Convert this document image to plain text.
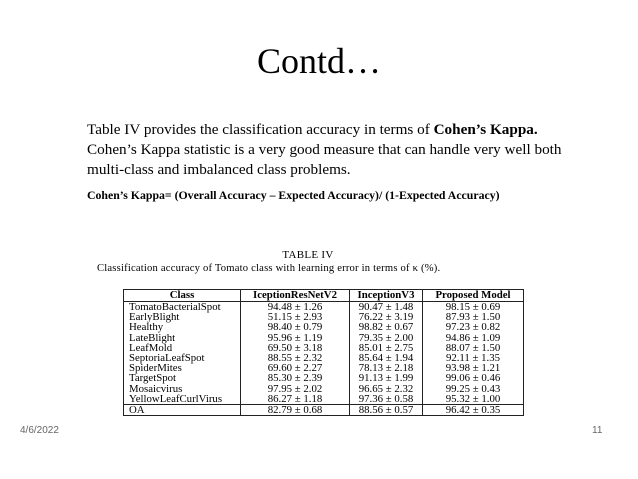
Contd…
Table IV provides the classification accuracy in terms of Cohen’s Kappa. Cohen’s Kappa statistic is a very good measure that can handle very well both multi-class and imbalanced class problems.
Cohen’s Kappa= (Overall Accuracy – Expected Accuracy)/ (1-Expected Accuracy)
TABLE IV
Classification accuracy of Tomato class with learning error in terms of κ (%).
Class	IceptionResNetV2	InceptionV3	Proposed Model
TomatoBacterialSpot	94.48 ± 1.26	90.47 ± 1.48	98.15 ± 0.69
EarlyBlight	51.15 ± 2.93	76.22 ± 3.19	87.93 ± 1.50
Healthy	98.40 ± 0.79	98.82 ± 0.67	97.23 ± 0.82
LateBlight	95.96 ± 1.19	79.35 ± 2.00	94.86 ± 1.09
LeafMold	69.50 ± 3.18	85.01 ± 2.75	88.07 ± 1.50
SeptoriaLeafSpot	88.55 ± 2.32	85.64 ± 1.94	92.11 ± 1.35
SpiderMites	69.60 ± 2.27	78.13 ± 2.18	93.98 ± 1.21
TargetSpot	85.30 ± 2.39	91.13 ± 1.99	99.06 ± 0.46
Mosaicvirus	97.95 ± 2.02	96.65 ± 2.32	99.25 ± 0.43
YellowLeafCurlVirus	86.27 ± 1.18	97.36 ± 0.58	95.32 ± 1.00
OA	82.79 ± 0.68	88.56 ± 0.57	96.42 ± 0.35
4/6/2022	11
